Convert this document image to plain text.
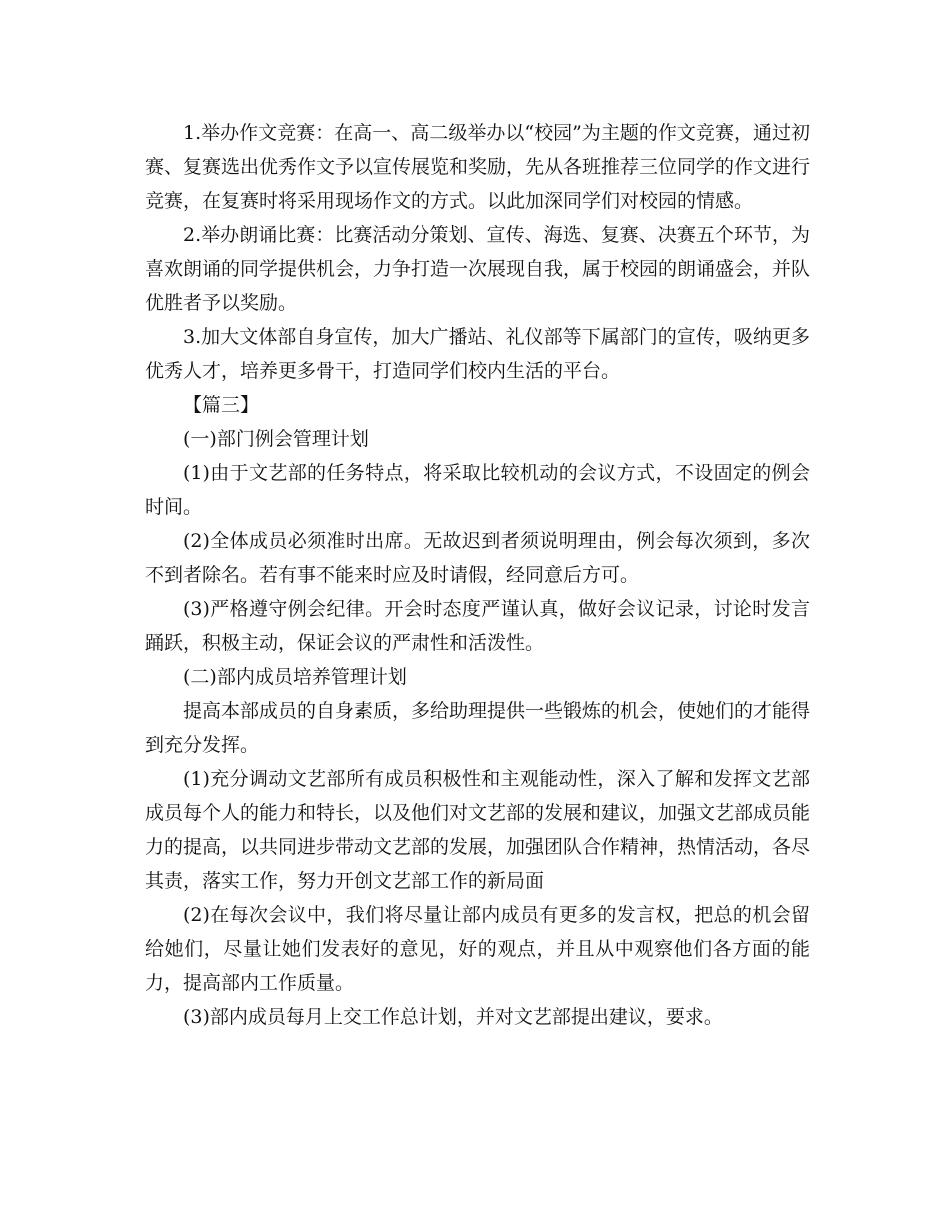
1.举办作文竞赛：在高一、高二级举办以“校园”为主题的作文竞赛，通过初赛、复赛选出优秀作文予以宣传展览和奖励，先从各班推荐三位同学的作文进行竞赛，在复赛时将采用现场作文的方式。以此加深同学们对校园的情感。

2.举办朗诵比赛：比赛活动分策划、宣传、海选、复赛、决赛五个环节，为喜欢朗诵的同学提供机会，力争打造一次展现自我，属于校园的朗诵盛会，并队优胜者予以奖励。

3.加大文体部自身宣传，加大广播站、礼仪部等下属部门的宣传，吸纳更多优秀人才，培养更多骨干，打造同学们校内生活的平台。

【篇三】

(一)部门例会管理计划

(1)由于文艺部的任务特点，将采取比较机动的会议方式，不设固定的例会时间。

(2)全体成员必须准时出席。无故迟到者须说明理由，例会每次须到，多次不到者除名。若有事不能来时应及时请假，经同意后方可。

(3)严格遵守例会纪律。开会时态度严谨认真，做好会议记录，讨论时发言踊跃，积极主动，保证会议的严肃性和活泼性。

(二)部内成员培养管理计划

提高本部成员的自身素质，多给助理提供一些锻炼的机会，使她们的才能得到充分发挥。

(1)充分调动文艺部所有成员积极性和主观能动性，深入了解和发挥文艺部成员每个人的能力和特长，以及他们对文艺部的发展和建议，加强文艺部成员能力的提高，以共同进步带动文艺部的发展，加强团队合作精神，热情活动，各尽其责，落实工作，努力开创文艺部工作的新局面

(2)在每次会议中，我们将尽量让部内成员有更多的发言权，把总的机会留给她们，尽量让她们发表好的意见，好的观点，并且从中观察他们各方面的能力，提高部内工作质量。

(3)部内成员每月上交工作总计划，并对文艺部提出建议，要求。
